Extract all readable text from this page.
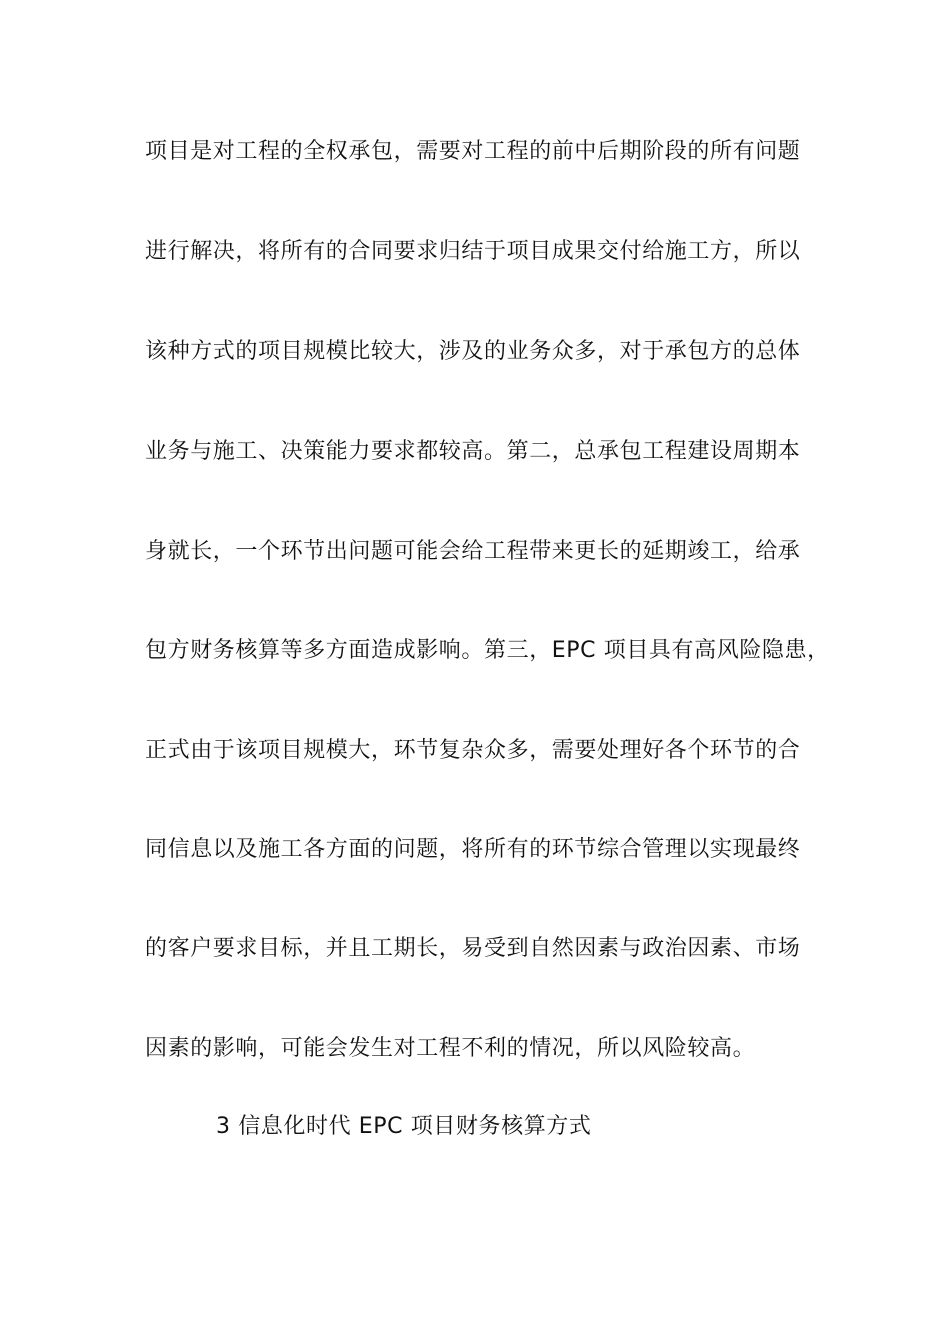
项目是对工程的全权承包，需要对工程的前中后期阶段的所有问题
进行解决，将所有的合同要求归结于项目成果交付给施工方，所以
该种方式的项目规模比较大，涉及的业务众多，对于承包方的总体
业务与施工、决策能力要求都较高。第二，总承包工程建设周期本
身就长，一个环节出问题可能会给工程带来更长的延期竣工，给承
包方财务核算等多方面造成影响。第三，EPC 项目具有高风险隐患，
正式由于该项目规模大，环节复杂众多，需要处理好各个环节的合
同信息以及施工各方面的问题，将所有的环节综合管理以实现最终
的客户要求目标，并且工期长，易受到自然因素与政治因素、市场
因素的影响，可能会发生对工程不利的情况，所以风险较高。
3 信息化时代 EPC 项目财务核算方式
